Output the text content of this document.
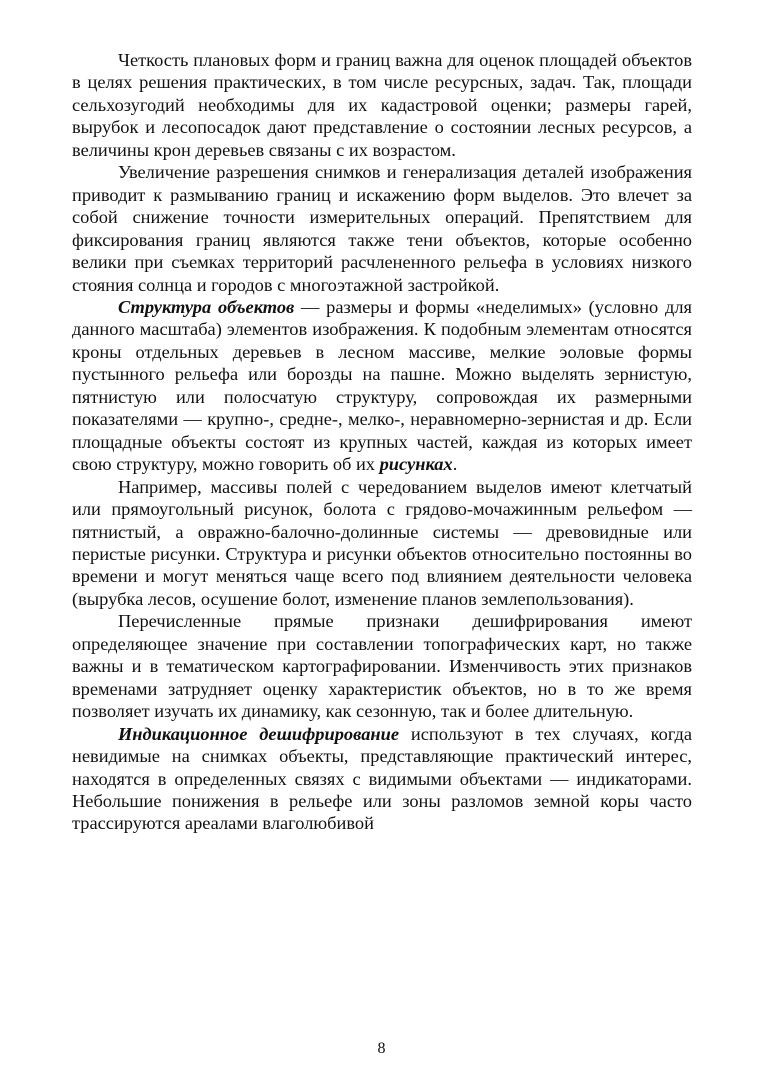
Четкость плановых форм и границ важна для оценок площадей объектов в целях решения практических, в том числе ресурсных, задач. Так, площади сельхозугодий необходимы для их кадастровой оценки; размеры гарей, вырубок и лесопосадок дают представление о состоянии лесных ресурсов, а величины крон деревьев связаны с их возрастом.

Увеличение разрешения снимков и генерализация деталей изображения приводит к размыванию границ и искажению форм выделов. Это влечет за собой снижение точности измерительных операций. Препятствием для фиксирования границ являются также тени объектов, которые особенно велики при съемках территорий расчлененного рельефа в условиях низкого стояния солнца и городов с многоэтажной застройкой.

Структура объектов — размеры и формы «неделимых» (условно для данного масштаба) элементов изображения. К подобным элементам относятся кроны отдельных деревьев в лесном массиве, мелкие эоловые формы пустынного рельефа или борозды на пашне. Можно выделять зернистую, пятнистую или полосчатую структуру, сопровождая их размерными показателями — крупно-, средне-, мелко-, неравномерно-зернистая и др. Если площадные объекты состоят из крупных частей, каждая из которых имеет свою структуру, можно говорить об их рисунках.

Например, массивы полей с чередованием выделов имеют клетчатый или прямоугольный рисунок, болота с грядово-мочажинным рельефом — пятнистый, а овражно-балочно-долинные системы — древовидные или перистые рисунки. Структура и рисунки объектов относительно постоянны во времени и могут меняться чаще всего под влиянием деятельности человека (вырубка лесов, осушение болот, изменение планов землепользования).

Перечисленные прямые признаки дешифрирования имеют определяющее значение при составлении топографических карт, но также важны и в тематическом картографировании. Изменчивость этих признаков временами затрудняет оценку характеристик объектов, но в то же время позволяет изучать их динамику, как сезонную, так и более длительную.

Индикационное дешифрирование используют в тех случаях, когда невидимые на снимках объекты, представляющие практический интерес, находятся в определенных связях с видимыми объектами — индикаторами. Небольшие понижения в рельефе или зоны разломов земной коры часто трассируются ареалами влаголюбивой

8
